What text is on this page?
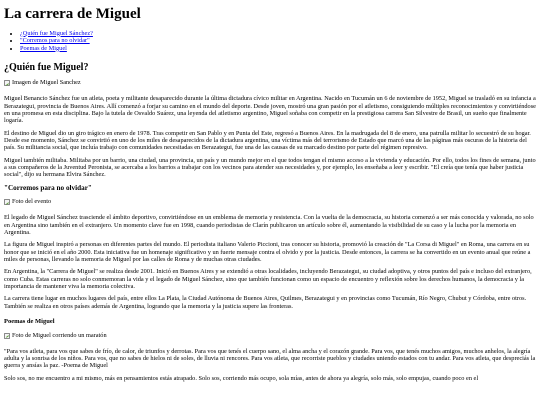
La carrera de Miguel
• ¿Quién fue Miguel Sánchez?
• "Corremos para no olvidar"
• Poemas de Miguel
¿Quién fue Miguel?
Imagen de Miguel Sanchez

Miguel Benancio Sánchez fue un atleta, poeta y militante desaparecido durante la última dictadura cívico militar en Argentina. Nacido en Tucumán un 6 de noviembre de 1952, Miguel se trasladó en su infancia a Berazategui, provincia de Buenos Aires. Allí comenzó a forjar su camino en el mundo del deporte. Desde joven, mostró una gran pasión por el atletismo, consiguiendo múltiples reconocimientos y convirtiéndose en una promesa en esta disciplina. Bajo la tutela de Osvaldo Suárez, una leyenda del atletismo argentino, Miguel soñaba con competir en la prestigiosa carrera San Silvestre de Brasil, un sueño que finalmente logaría.

El destino de Miguel dio un giro trágico en enero de 1978. Tras competir en San Pablo y en Punta del Este, regresó a Buenos Aires. En la madrugada del 8 de enero, una patrulla militar lo secuestró de su hogar. Desde ese momento, Sánchez se convirtió en uno de los miles de desaparecidos de la dictadura argentina, una víctima más del terrorismo de Estado que marcó una de las páginas más oscuras de la historia del país. Su militancia social, que incluía trabajo con comunidades necesitadas en Berazategui, fue una de las causas de su marcado destino por parte del régimen represivo.

Miguel también militaba. Militaba por un barrio, una ciudad, una provincia, un país y un mundo mejor en el que todos tengan el mismo acceso a la vivienda y educación. Por ello, todos los fines de semana, junto a sus compañeros de la Juventud Peronista, se acercaba a los barrios a trabajar con los vecinos para atender sus necesidades y, por ejemplo, les enseñaba a leer y escribir. "El creía que tenía que haber justicia social", dijo su hermana Elvira Sánchez.

"Corremos para no olvidar"
Foto del evento

El legado de Miguel Sánchez trasciende el ámbito deportivo, convirtiéndose en un emblema de memoria y resistencia. Con la vuelta de la democracia, su historia comenzó a ser más conocida y valorada, no solo en Argentina sino también en el extranjero. Un momento clave fue en 1998, cuando periodistas de Clarín publicaron un artículo sobre él, aumentando la visibilidad de su caso y la lucha por la memoria en Argentina.

La figura de Miguel inspiró a personas en diferentes partes del mundo. El periodista italiano Valerio Piccioni, tras conocer su historia, promovió la creación de "La Corsa di Miguel" en Roma, una carrera en su honor que se inició en el año 2000. Esta iniciativa fue un homenaje significativo y un fuerte mensaje contra el olvido y por la justicia. Desde entonces, la carrera se ha convertido en un evento anual que reúne a miles de personas, llevando la memoria de Miguel por las calles de Roma y de muchas otras ciudades.

En Argentina, la "Carrera de Miguel" se realiza desde 2001. Inició en Buenos Aires y se extendió a otras localidades, incluyendo Berazategui, su ciudad adoptiva, y otros puntos del país e incluso del extranjero, como Cuba. Estas carreras no solo conmemoran la vida y el legado de Miguel Sánchez, sino que también funcionan como un espacio de encuentro y reflexión sobre los derechos humanos, la democracia y la importancia de mantener viva la memoria colectiva.

La carrera tiene lugar en muchos lugares del país, entre ellos La Plata, la Ciudad Autónoma de Buenos Aires, Quilmes, Berazategui y en provincias como Tucumán, Río Negro, Chubut y Córdoba, entre otros. También se realiza en otros países además de Argentina, logrando que la memoria y la justicia supere las fronteras.

Poemas de Miguel
Foto de Miguel corriendo un maratón

"Para vos atleta, para vos que sabes de frío, de calor, de triunfos y derrotas. Para vos que tenés el cuerpo sano, el alma ancha y el corazón grande. Para vos, que tenés muchos amigos, muchos anhelos, la alegría adulta y la sonrisa de los niños. Para vos, que no sabes de hielos ni de soles, de lluvia ni rencores. Para vos atleta, que recorriste pueblos y ciudades uniendo estados con tu andar. Para vos atleta, que despreciás la guerra y ansías la paz. -Poema de Miguel

Solo sos, no me encuentro a mi mismo, más en pensamientos estás atrapado. Solo sos, corriendo más ocupo, sola mías, antes de ahora ya alegría, solo más, solo empujas, cuando poco en el
